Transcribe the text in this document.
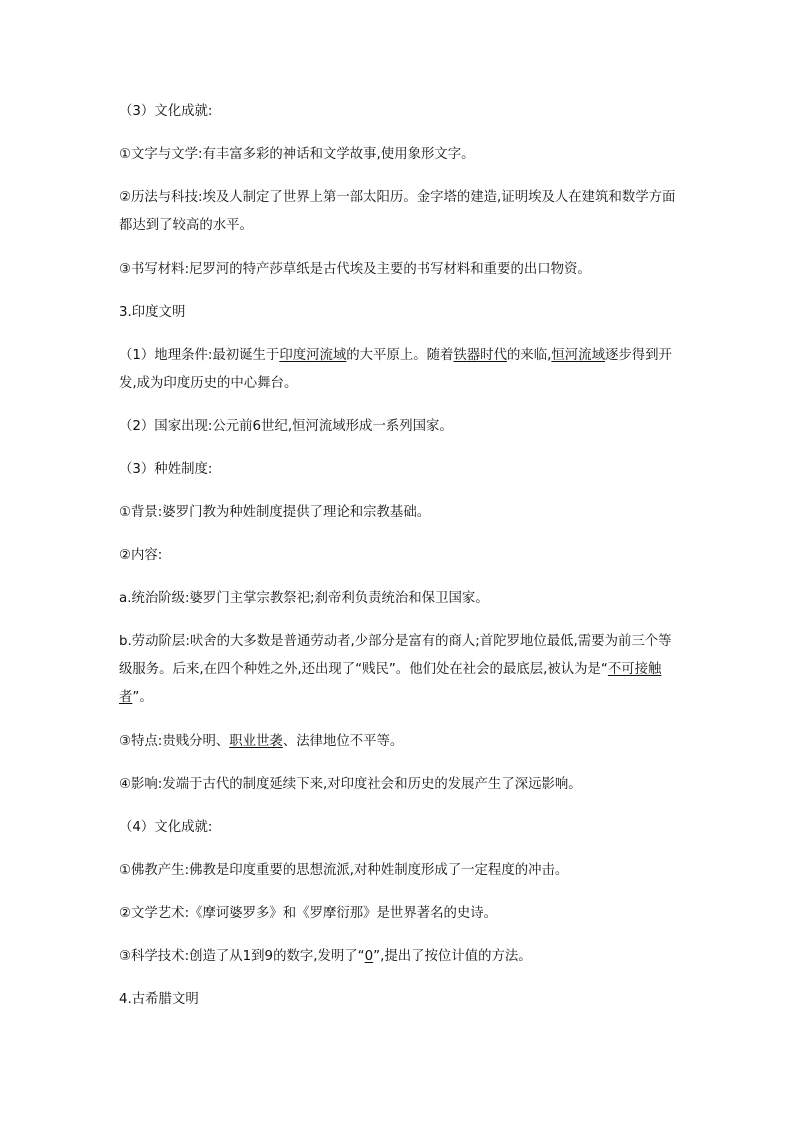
（3）文化成就:

①文字与文学:有丰富多彩的神话和文学故事,使用象形文字。

②历法与科技:埃及人制定了世界上第一部太阳历。金字塔的建造,证明埃及人在建筑和数学方面都达到了较高的水平。

③书写材料:尼罗河的特产莎草纸是古代埃及主要的书写材料和重要的出口物资。

3.印度文明

（1）地理条件:最初诞生于印度河流域的大平原上。随着铁器时代的来临,恒河流域逐步得到开发,成为印度历史的中心舞台。

（2）国家出现:公元前6世纪,恒河流域形成一系列国家。

（3）种姓制度:

①背景:婆罗门教为种姓制度提供了理论和宗教基础。

②内容:

a.统治阶级:婆罗门主掌宗教祭祀;刹帝利负责统治和保卫国家。

b.劳动阶层:吠舍的大多数是普通劳动者,少部分是富有的商人;首陀罗地位最低,需要为前三个等级服务。后来,在四个种姓之外,还出现了“贱民”。他们处在社会的最底层,被认为是“不可接触者”。

③特点:贵贱分明、职业世袭、法律地位不平等。

④影响:发端于古代的制度延续下来,对印度社会和历史的发展产生了深远影响。

（4）文化成就:

①佛教产生:佛教是印度重要的思想流派,对种姓制度形成了一定程度的冲击。

②文学艺术:《摩诃婆罗多》和《罗摩衍那》是世界著名的史诗。

③科学技术:创造了从1到9的数字,发明了“0”,提出了按位计值的方法。

4.古希腊文明
